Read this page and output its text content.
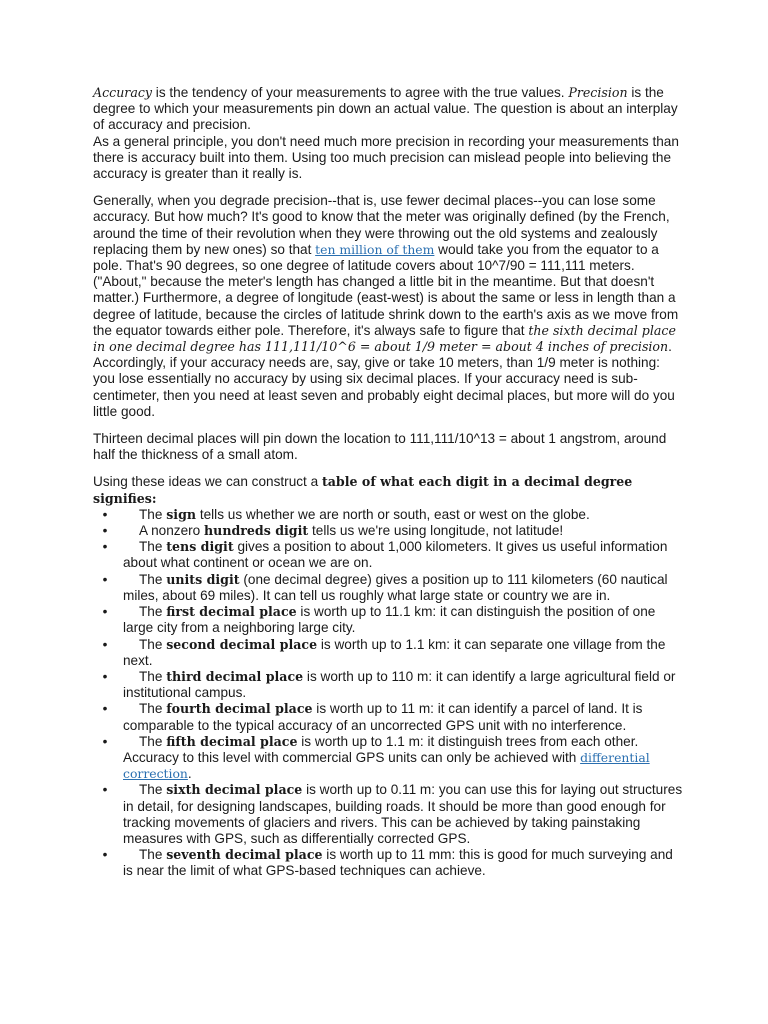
Accuracy is the tendency of your measurements to agree with the true values. Precision is the degree to which your measurements pin down an actual value. The question is about an interplay of accuracy and precision.

As a general principle, you don't need much more precision in recording your measurements than there is accuracy built into them. Using too much precision can mislead people into believing the accuracy is greater than it really is.

Generally, when you degrade precision--that is, use fewer decimal places--you can lose some accuracy. But how much? It's good to know that the meter was originally defined (by the French, around the time of their revolution when they were throwing out the old systems and zealously replacing them by new ones) so that ten million of them would take you from the equator to a pole. That's 90 degrees, so one degree of latitude covers about 10^7/90 = 111,111 meters. ("About," because the meter's length has changed a little bit in the meantime. But that doesn't matter.) Furthermore, a degree of longitude (east-west) is about the same or less in length than a degree of latitude, because the circles of latitude shrink down to the earth's axis as we move from the equator towards either pole. Therefore, it's always safe to figure that the sixth decimal place in one decimal degree has 111,111/10^6 = about 1/9 meter = about 4 inches of precision.

Accordingly, if your accuracy needs are, say, give or take 10 meters, than 1/9 meter is nothing: you lose essentially no accuracy by using six decimal places. If your accuracy need is sub-centimeter, then you need at least seven and probably eight decimal places, but more will do you little good.

Thirteen decimal places will pin down the location to 111,111/10^13 = about 1 angstrom, around half the thickness of a small atom.

Using these ideas we can construct a table of what each digit in a decimal degree signifies:

• The sign tells us whether we are north or south, east or west on the globe.
• A nonzero hundreds digit tells us we're using longitude, not latitude!
• The tens digit gives a position to about 1,000 kilometers. It gives us useful information about what continent or ocean we are on.
• The units digit (one decimal degree) gives a position up to 111 kilometers (60 nautical miles, about 69 miles). It can tell us roughly what large state or country we are in.
• The first decimal place is worth up to 11.1 km: it can distinguish the position of one large city from a neighboring large city.
• The second decimal place is worth up to 1.1 km: it can separate one village from the next.
• The third decimal place is worth up to 110 m: it can identify a large agricultural field or institutional campus.
• The fourth decimal place is worth up to 11 m: it can identify a parcel of land. It is comparable to the typical accuracy of an uncorrected GPS unit with no interference.
• The fifth decimal place is worth up to 1.1 m: it distinguish trees from each other. Accuracy to this level with commercial GPS units can only be achieved with differential correction.
• The sixth decimal place is worth up to 0.11 m: you can use this for laying out structures in detail, for designing landscapes, building roads. It should be more than good enough for tracking movements of glaciers and rivers. This can be achieved by taking painstaking measures with GPS, such as differentially corrected GPS.
• The seventh decimal place is worth up to 11 mm: this is good for much surveying and is near the limit of what GPS-based techniques can achieve.
